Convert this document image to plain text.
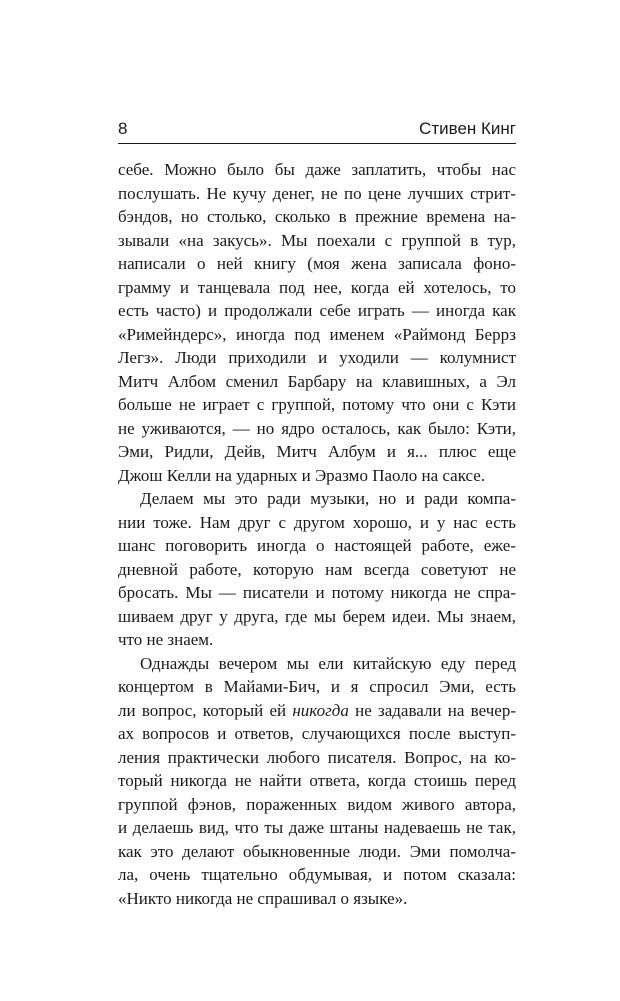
8	Стивен Кинг
себе. Можно было бы даже заплатить, чтобы нас
послушать. Не кучу денег, не по цене лучших стрит-
бэндов, но столько, сколько в прежние времена на-
зывали «на закусь». Мы поехали с группой в тур,
написали о ней книгу (моя жена записала фоно-
грамму и танцевала под нее, когда ей хотелось, то
есть часто) и продолжали себе играть — иногда как
«Римейндерс», иногда под именем «Раймонд Беррз
Легз». Люди приходили и уходили — колумнист
Митч Албом сменил Барбару на клавишных, а Эл
больше не играет с группой, потому что они с Кэти
не уживаются, — но ядро осталось, как было: Кэти,
Эми, Ридли, Дейв, Митч Албум и я... плюс еще
Джош Келли на ударных и Эразмо Паоло на саксе.
Делаем мы это ради музыки, но и ради компа-
нии тоже. Нам друг с другом хорошо, и у нас есть
шанс поговорить иногда о настоящей работе, еже-
дневной работе, которую нам всегда советуют не
бросать. Мы — писатели и потому никогда не спра-
шиваем друг у друга, где мы берем идеи. Мы знаем,
что не знаем.
Однажды вечером мы ели китайскую еду перед
концертом в Майами-Бич, и я спросил Эми, есть
ли вопрос, который ей никогда не задавали на вечер-
ах вопросов и ответов, случающихся после выступ-
ления практически любого писателя. Вопрос, на ко-
торый никогда не найти ответа, когда стоишь перед
группой фэнов, пораженных видом живого автора,
и делаешь вид, что ты даже штаны надеваешь не так,
как это делают обыкновенные люди. Эми помолча-
ла, очень тщательно обдумывая, и потом сказала:
«Никто никогда не спрашивал о языке».
